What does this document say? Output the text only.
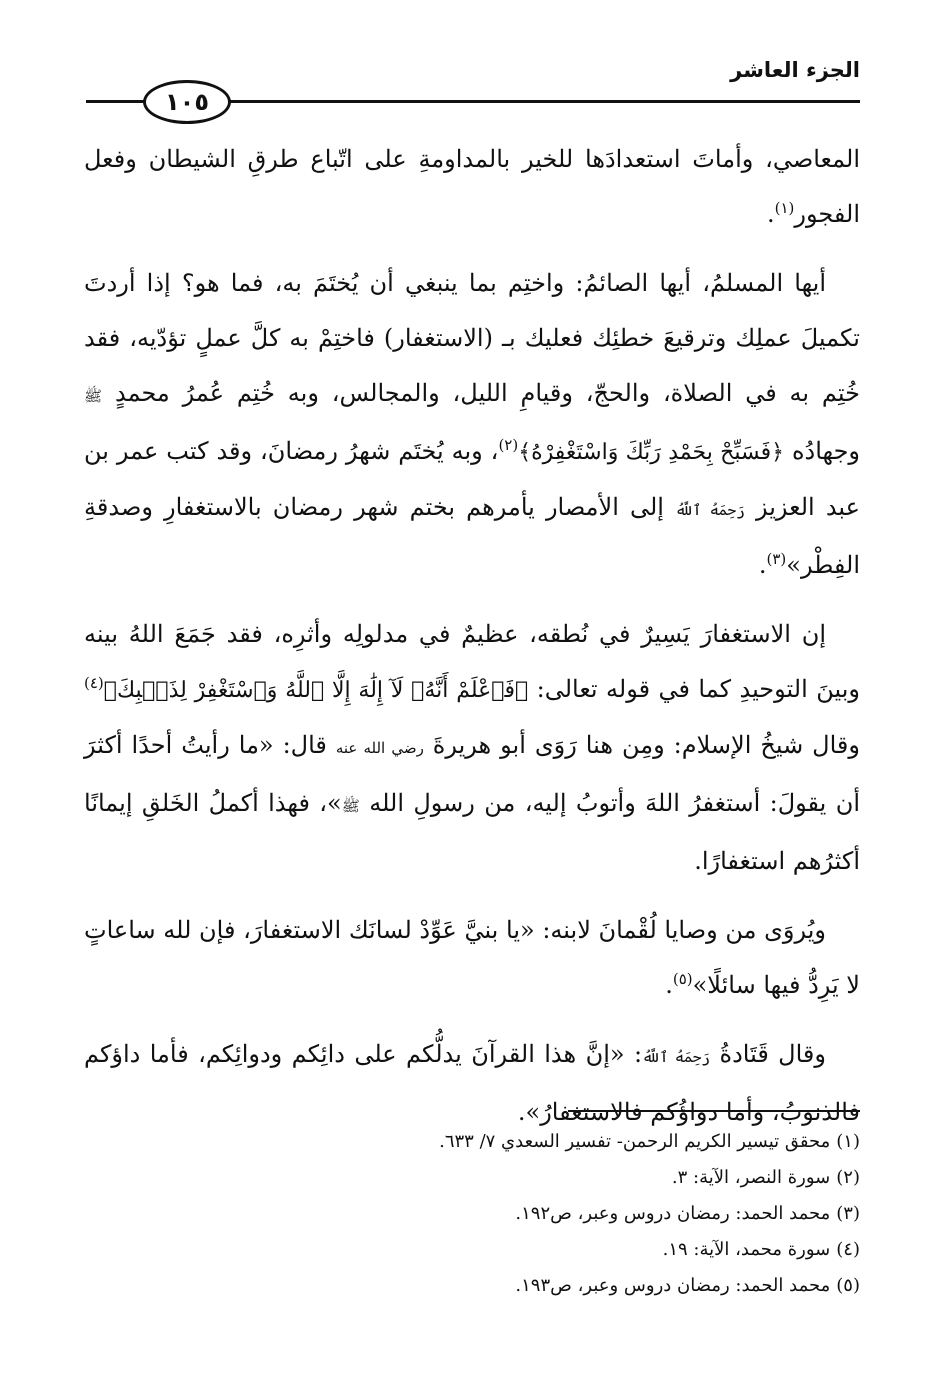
الجزء العاشر
١٠٥

المعاصي، وأماتَ استعدادَها للخير بالمداومةِ على اتّباع طرقِ الشيطان وفعل الفجور$^{(١)}$.

أيها المسلمُ، أيها الصائمُ: واختِم بما ينبغي أن يُختَمَ به، فما هو؟ إذا أردتَ تكميلَ عملِك وترقيعَ خطئِك فعليك بـ (الاستغفار) فاختِمْ به كلَّ عملٍ تؤدّيه، فقد خُتِم به في الصلاة، والحجّ، وقيامِ الليل، والمجالس، وبه خُتِم عُمرُ محمدٍ ﷺ وجهادُه ﴿فَسَبِّحْ بِحَمْدِ رَبِّكَ وَاسْتَغْفِرْهُ﴾$^{(٢)}$، وبه يُختَم شهرُ رمضانَ، وقد كتب عمر بن عبد العزيز رَحِمَهُ ٱللَّهُ إلى الأمصار يأمرهم بختم شهر رمضان بالاستغفارِ وصدقةِ الفِطْر»$^{(٣)}$.

إن الاستغفارَ يَسِيرٌ في نُطقه، عظيمٌ في مدلولِه وأثرِه، فقد جَمَعَ اللهُ بينه وبينَ التوحيدِ كما في قوله تعالى: ﴿فَٱعْلَمْ أَنَّهُۥ لَآ إِلَٰهَ إِلَّا ٱللَّهُ وَٱسْتَغْفِرْ لِذَنۢبِكَ﴾$^{(٤)}$ وقال شيخُ الإسلام: ومِن هنا رَوَى أبو هريرةَ رضي الله عنه قال: «ما رأيتُ أحدًا أكثرَ أن يقولَ: أستغفرُ اللهَ وأتوبُ إليه، من رسولِ الله ﷺ»، فهذا أكملُ الخَلقِ إيمانًا أكثرُهم استغفارًا.

ويُروَى من وصايا لُقْمانَ لابنه: «يا بنيَّ عَوِّدْ لسانَك الاستغفارَ، فإن لله ساعاتٍ لا يَرِدُّ فيها سائلًا»$^{(٥)}$.

وقال قَتَادةُ رَحِمَهُ ٱللَّهُ: «إنَّ هذا القرآنَ يدلُّكم على دائِكم ودوائِكم، فأما داؤكم فالذنوبُ، وأما دواؤُكم فالاستغفارُ».

(١)محقق تيسير الكريم الرحمن- تفسير السعدي ٧/ ٦٣٣.
(٢)سورة النصر، الآية: ٣.
(٣)محمد الحمد: رمضان دروس وعبر، ص١٩٢.
(٤)سورة محمد، الآية: ١٩.
(٥)محمد الحمد: رمضان دروس وعبر، ص١٩٣.
